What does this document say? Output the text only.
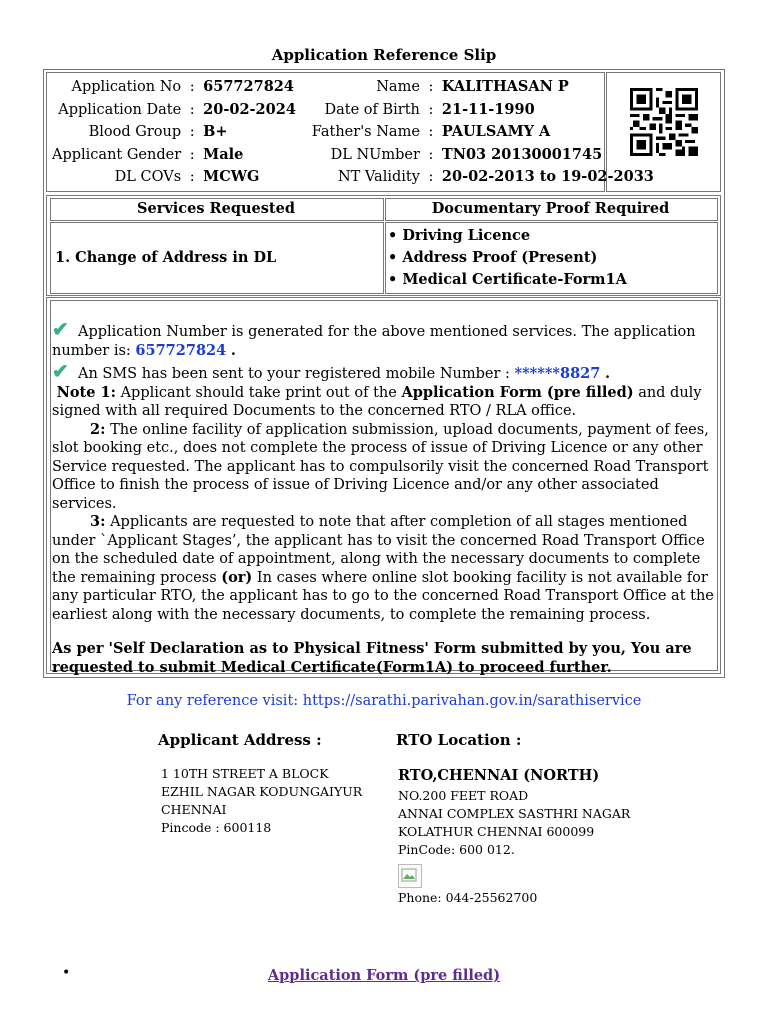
Application Reference Slip
Application No	:	657727824	Name	:	KALITHASAN P
Application Date	:	20-02-2024	Date of Birth	:	21-11-1990
Blood Group	:	B+	Father's Name	:	PAULSAMY A
Applicant Gender	:	Male	DL NUmber	:	TN03 20130001745
DL COVs	:	MCWG	NT Validity	:	20-02-2013 to 19-02-2033
Services Requested	Documentary Proof Required
1. Change of Address in DL
• Driving Licence
• Address Proof (Present)
• Medical Certificate-Form1A

✔ Application Number is generated for the above mentioned services. The application number is: 657727824 .

✔ An SMS has been sent to your registered mobile Number : ******8827 .

Note 1: Applicant should take print out of the Application Form (pre filled) and duly signed with all required Documents to the concerned RTO / RLA office.

2: The online facility of application submission, upload documents, payment of fees, slot booking etc., does not complete the process of issue of Driving Licence or any other Service requested. The applicant has to compulsorily visit the concerned Road Transport Office to finish the process of issue of Driving Licence and/or any other associated services.

3: Applicants are requested to note that after completion of all stages mentioned under `Applicant Stages’, the applicant has to visit the concerned Road Transport Office on the scheduled date of appointment, along with the necessary documents to complete the remaining process (or) In cases where online slot booking facility is not available for any particular RTO, the applicant has to go to the concerned Road Transport Office at the earliest along with the necessary documents, to complete the remaining process.

As per 'Self Declaration as to Physical Fitness' Form submitted by you, You are requested to submit Medical Certificate(Form1A) to proceed further.

For any reference visit: https://sarathi.parivahan.gov.in/sarathiservice
Applicant Address :	RTO Location :
1 10TH STREET A BLOCK
EZHIL NAGAR KODUNGAIYUR
CHENNAI
Pincode : 600118
RTO,CHENNAI (NORTH)
NO.200 FEET ROAD
ANNAI COMPLEX SASTHRI NAGAR
KOLATHUR CHENNAI 600099
PinCode: 600 012.
Phone: 044-25562700
•	Application Form (pre filled)
